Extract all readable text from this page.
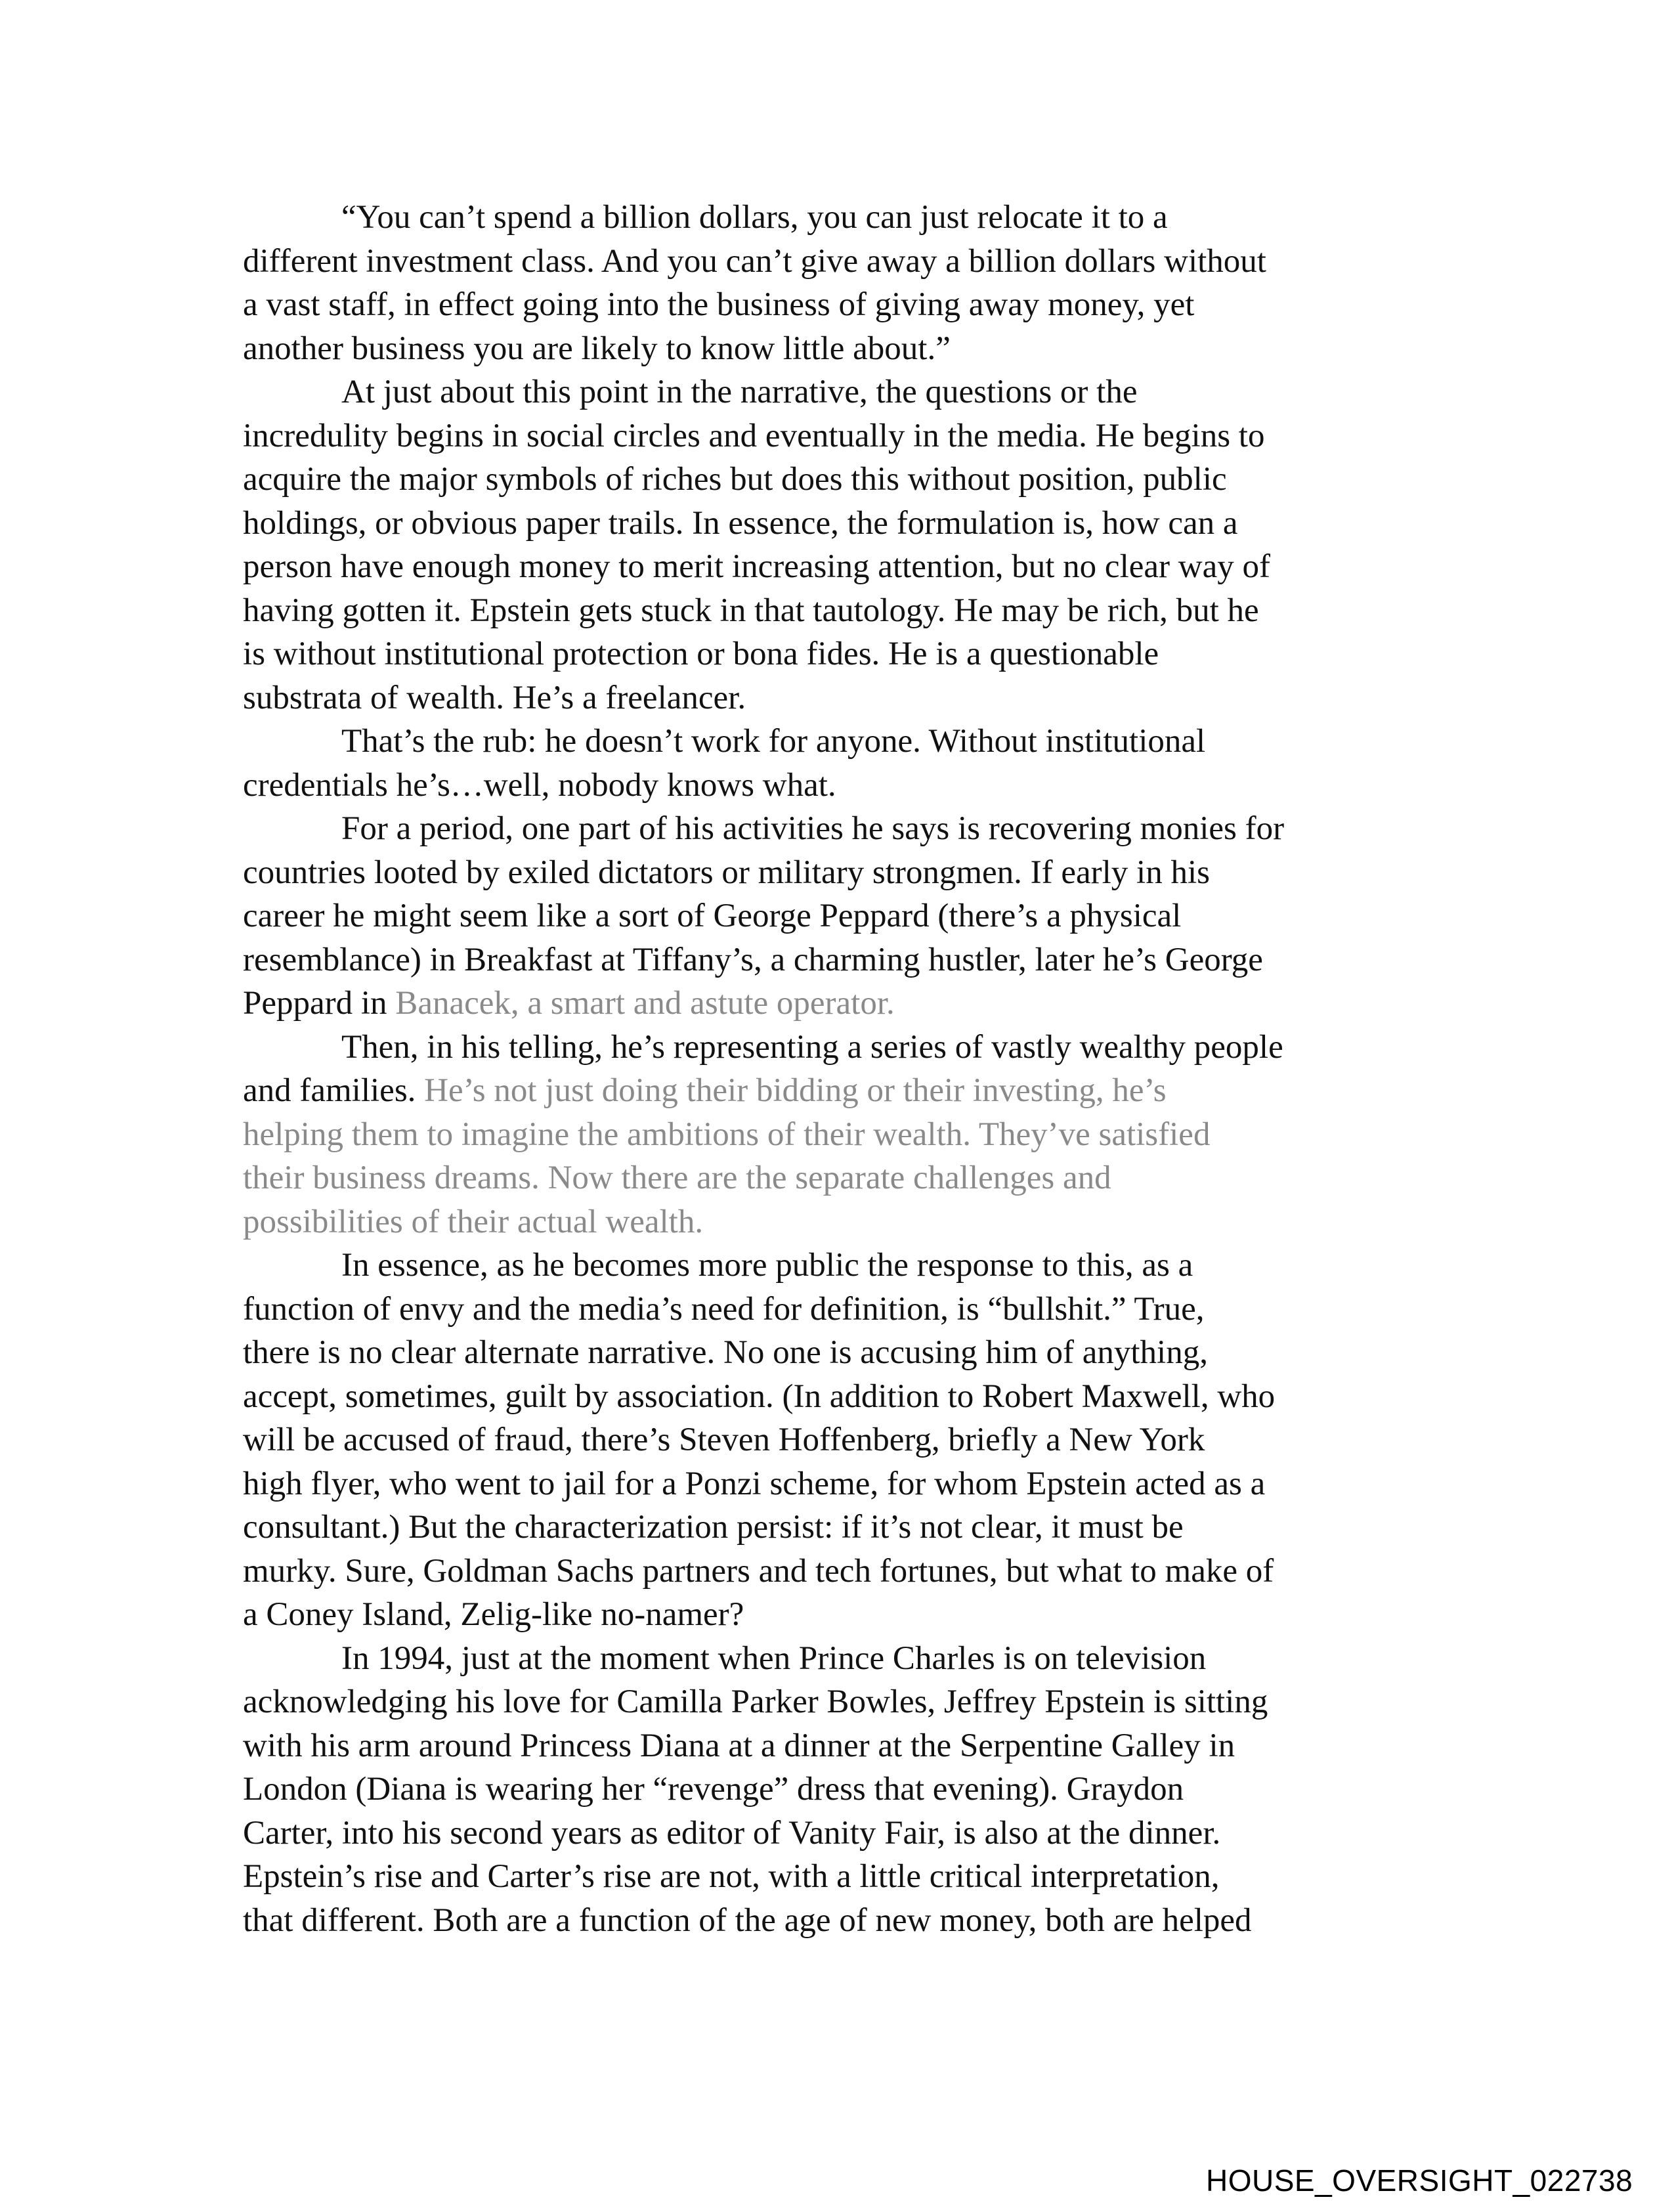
“You can’t spend a billion dollars, you can just relocate it to a
different investment class. And you can’t give away a billion dollars without
a vast staff, in effect going into the business of giving away money, yet
another business you are likely to know little about.”
At just about this point in the narrative, the questions or the
incredulity begins in social circles and eventually in the media. He begins to
acquire the major symbols of riches but does this without position, public
holdings, or obvious paper trails. In essence, the formulation is, how can a
person have enough money to merit increasing attention, but no clear way of
having gotten it. Epstein gets stuck in that tautology. He may be rich, but he
is without institutional protection or bona fides. He is a questionable
substrata of wealth. He’s a freelancer.
That’s the rub: he doesn’t work for anyone. Without institutional
credentials he’s…well, nobody knows what.
For a period, one part of his activities he says is recovering monies for
countries looted by exiled dictators or military strongmen. If early in his
career he might seem like a sort of George Peppard (there’s a physical
resemblance) in Breakfast at Tiffany’s, a charming hustler, later he’s George
Peppard in Banacek, a smart and astute operator.
Then, in his telling, he’s representing a series of vastly wealthy people
and families. He’s not just doing their bidding or their investing, he’s
helping them to imagine the ambitions of their wealth. They’ve satisfied
their business dreams. Now there are the separate challenges and
possibilities of their actual wealth.
In essence, as he becomes more public the response to this, as a
function of envy and the media’s need for definition, is “bullshit.” True,
there is no clear alternate narrative. No one is accusing him of anything,
accept, sometimes, guilt by association. (In addition to Robert Maxwell, who
will be accused of fraud, there’s Steven Hoffenberg, briefly a New York
high flyer, who went to jail for a Ponzi scheme, for whom Epstein acted as a
consultant.) But the characterization persist: if it’s not clear, it must be
murky. Sure, Goldman Sachs partners and tech fortunes, but what to make of
a Coney Island, Zelig-like no-namer?
In 1994, just at the moment when Prince Charles is on television
acknowledging his love for Camilla Parker Bowles, Jeffrey Epstein is sitting
with his arm around Princess Diana at a dinner at the Serpentine Galley in
London (Diana is wearing her “revenge” dress that evening). Graydon
Carter, into his second years as editor of Vanity Fair, is also at the dinner.
Epstein’s rise and Carter’s rise are not, with a little critical interpretation,
that different. Both are a function of the age of new money, both are helped
HOUSE_OVERSIGHT_022738
